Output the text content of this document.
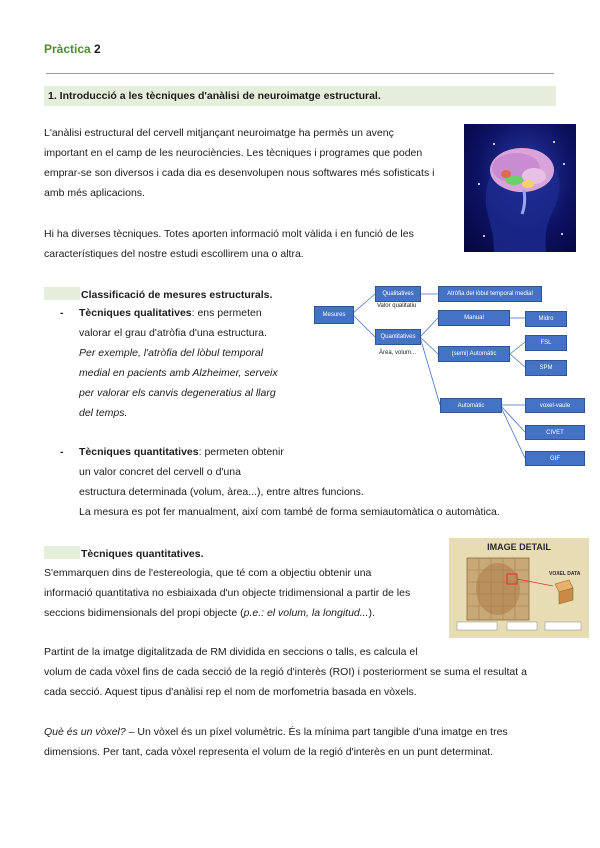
Pràctica 2
1. Introducció a les tècniques d'anàlisi de neuroimatge estructural.
L'anàlisi estructural del cervell mitjançant neuroimatge ha permès un avenç
important en el camp de les neurociències. Les tècniques i programes que poden
emprar-se son diversos i cada dia es desenvolupen nous softwares més sofisticats i
amb més aplicacions.
Hi ha diverses tècniques. Totes aporten informació molt vàlida i en funció de les
característiques del nostre estudi escollirem una o altra.
Classificació de mesures estructurals.
- Tècniques qualitatives: ens permeten
valorar el grau d'atròfia d'una estructura.
Per exemple, l'atròfia del lòbul temporal
medial en pacients amb Alzheimer, serveix
per valorar els canvis degeneratius al llarg
del temps.
- Tècniques quantitatives: permeten obtenir
un valor concret del cervell o d'una
estructura determinada (volum, àrea...), entre altres funcions.
La mesura es pot fer manualment, així com també de forma semiautomàtica o automàtica.
Mesures
Qualitatives
Valor qualitatiu
Atròfia del lòbul temporal medial
Quantitatives
Àrea, volum...
Manual
(semi) Automàtic
Automàtic
Midro
FSL
SPM
voxel-vaule
CIVET
GIF
Tècniques quantitatives.
S'emmarquen dins de l'estereologia, que té com a objectiu obtenir una
informació quantitativa no esbiaixada d'un objecte tridimensional a partir de les
seccions bidimensionals del propi objecte (p.e.: el volum, la longitud...).
IMAGE DETAIL
VOXEL DATA
Partint de la imatge digitalitzada de RM dividida en seccions o talls, es calcula el
volum de cada vòxel fins de cada secció de la regió d'interès (ROI) i posteriorment se suma el resultat a
cada secció. Aquest tipus d'anàlisi rep el nom de morfometria basada en vòxels.
Què és un vòxel? – Un vòxel és un píxel volumètric. És la mínima part tangible d'una imatge en tres
dimensions. Per tant, cada vòxel representa el volum de la regió d'interès en un punt determinat.
